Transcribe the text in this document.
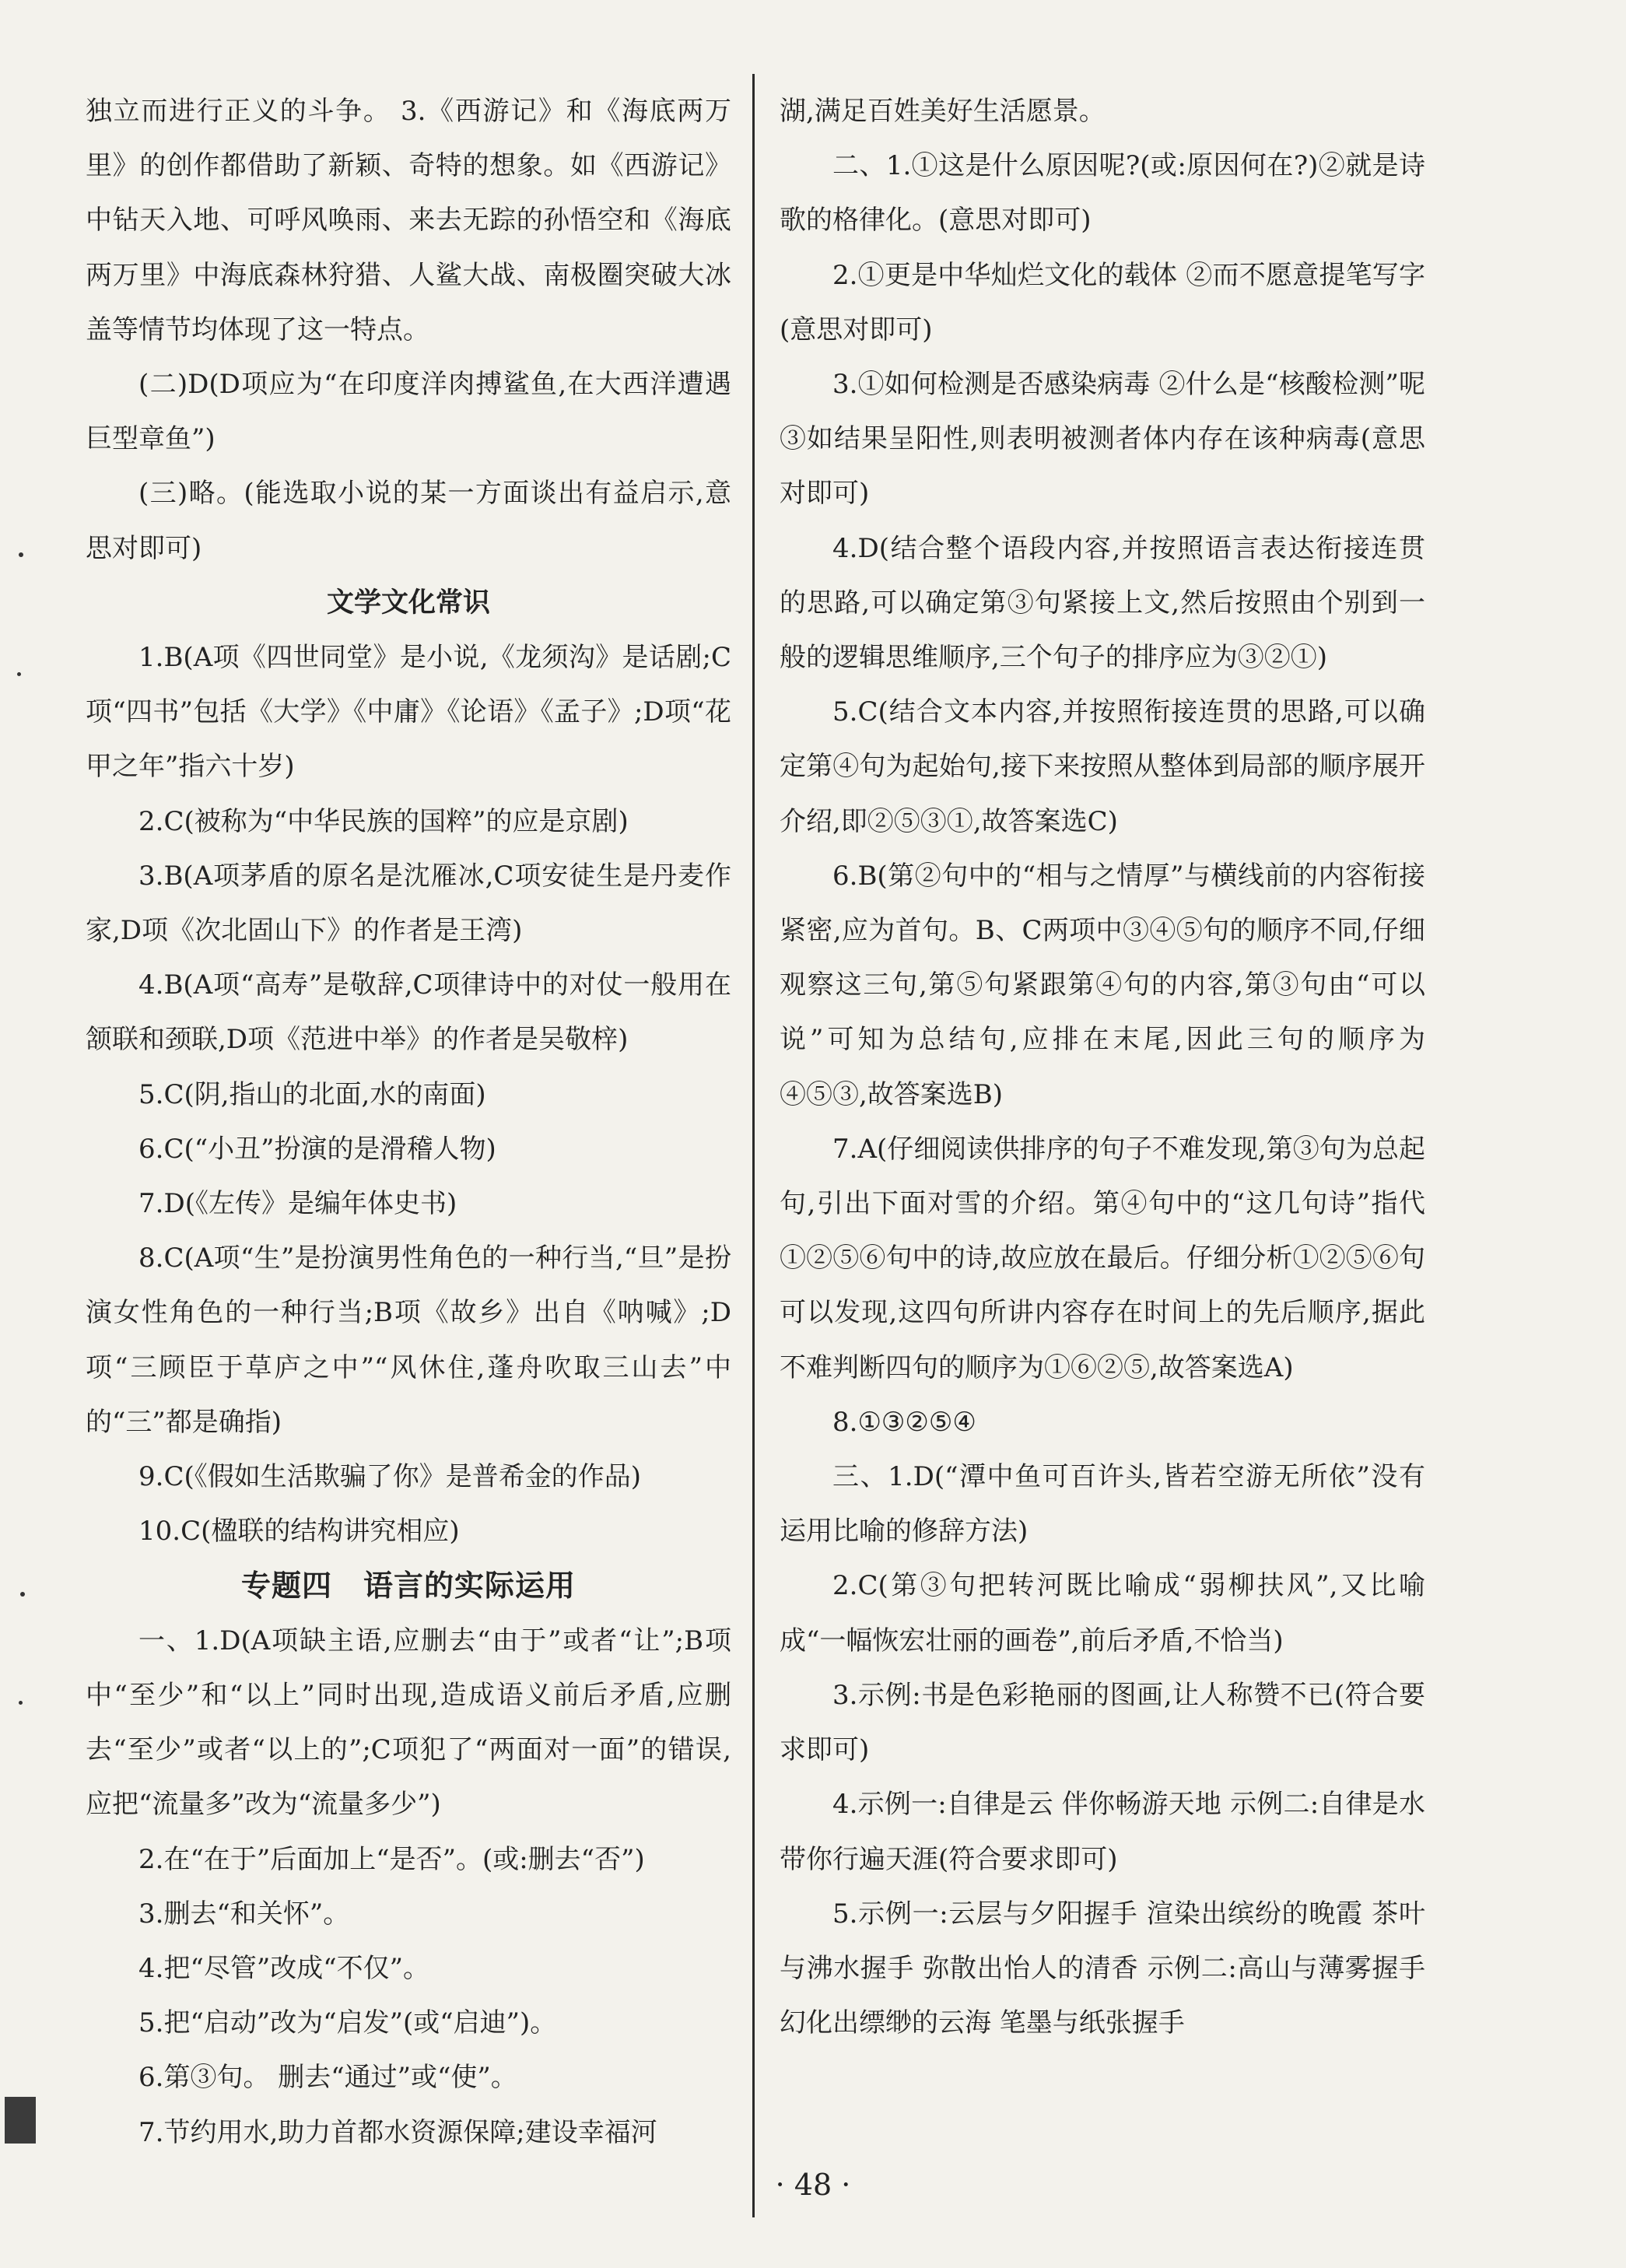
独立而进行正义的斗争。 3.《西游记》和《海底两万里》的创作都借助了新颖、奇特的想象。如《西游记》中钻天入地、可呼风唤雨、来去无踪的孙悟空和《海底两万里》中海底森林狩猎、人鲨大战、南极圈突破大冰盖等情节均体现了这一特点。

(二)D(D项应为“在印度洋肉搏鲨鱼,在大西洋遭遇巨型章鱼”)

(三)略。(能选取小说的某一方面谈出有益启示,意思对即可)

文学文化常识

1.B(A项《四世同堂》是小说,《龙须沟》是话剧;C项“四书”包括《大学》《中庸》《论语》《孟子》;D项“花甲之年”指六十岁)

2.C(被称为“中华民族的国粹”的应是京剧)

3.B(A项茅盾的原名是沈雁冰,C项安徒生是丹麦作家,D项《次北固山下》的作者是王湾)

4.B(A项“高寿”是敬辞,C项律诗中的对仗一般用在颔联和颈联,D项《范进中举》的作者是吴敬梓)

5.C(阴,指山的北面,水的南面)

6.C(“小丑”扮演的是滑稽人物)

7.D(《左传》是编年体史书)

8.C(A项“生”是扮演男性角色的一种行当,“旦”是扮演女性角色的一种行当;B项《故乡》出自《呐喊》;D项“三顾臣于草庐之中”“风休住,蓬舟吹取三山去”中的“三”都是确指)

9.C(《假如生活欺骗了你》是普希金的作品)

10.C(楹联的结构讲究相应)

专题四 语言的实际运用

一、1.D(A项缺主语,应删去“由于”或者“让”;B项中“至少”和“以上”同时出现,造成语义前后矛盾,应删去“至少”或者“以上的”;C项犯了“两面对一面”的错误,应把“流量多”改为“流量多少”)

2.在“在于”后面加上“是否”。(或:删去“否”)

3.删去“和关怀”。

4.把“尽管”改成“不仅”。

5.把“启动”改为“启发”(或“启迪”)。

6.第③句。 删去“通过”或“使”。

7.节约用水,助力首都水资源保障;建设幸福河

湖,满足百姓美好生活愿景。

二、1.①这是什么原因呢?(或:原因何在?)②就是诗歌的格律化。(意思对即可)

2.①更是中华灿烂文化的载体 ②而不愿意提笔写字(意思对即可)

3.①如何检测是否感染病毒 ②什么是“核酸检测”呢 ③如结果呈阳性,则表明被测者体内存在该种病毒(意思对即可)

4.D(结合整个语段内容,并按照语言表达衔接连贯的思路,可以确定第③句紧接上文,然后按照由个别到一般的逻辑思维顺序,三个句子的排序应为③②①)

5.C(结合文本内容,并按照衔接连贯的思路,可以确定第④句为起始句,接下来按照从整体到局部的顺序展开介绍,即②⑤③①,故答案选C)

6.B(第②句中的“相与之情厚”与横线前的内容衔接紧密,应为首句。B、C两项中③④⑤句的顺序不同,仔细观察这三句,第⑤句紧跟第④句的内容,第③句由“可以说”可知为总结句,应排在末尾,因此三句的顺序为④⑤③,故答案选B)

7.A(仔细阅读供排序的句子不难发现,第③句为总起句,引出下面对雪的介绍。第④句中的“这几句诗”指代①②⑤⑥句中的诗,故应放在最后。仔细分析①②⑤⑥句可以发现,这四句所讲内容存在时间上的先后顺序,据此不难判断四句的顺序为①⑥②⑤,故答案选A)

8.①③②⑤④

三、1.D(“潭中鱼可百许头,皆若空游无所依”没有运用比喻的修辞方法)

2.C(第③句把转河既比喻成“弱柳扶风”,又比喻成“一幅恢宏壮丽的画卷”,前后矛盾,不恰当)

3.示例:书是色彩艳丽的图画,让人称赞不已(符合要求即可)

4.示例一:自律是云 伴你畅游天地 示例二:自律是水 带你行遍天涯(符合要求即可)

5.示例一:云层与夕阳握手 渲染出缤纷的晚霞 茶叶与沸水握手 弥散出怡人的清香 示例二:高山与薄雾握手 幻化出缥缈的云海 笔墨与纸张握手

· 48 ·
